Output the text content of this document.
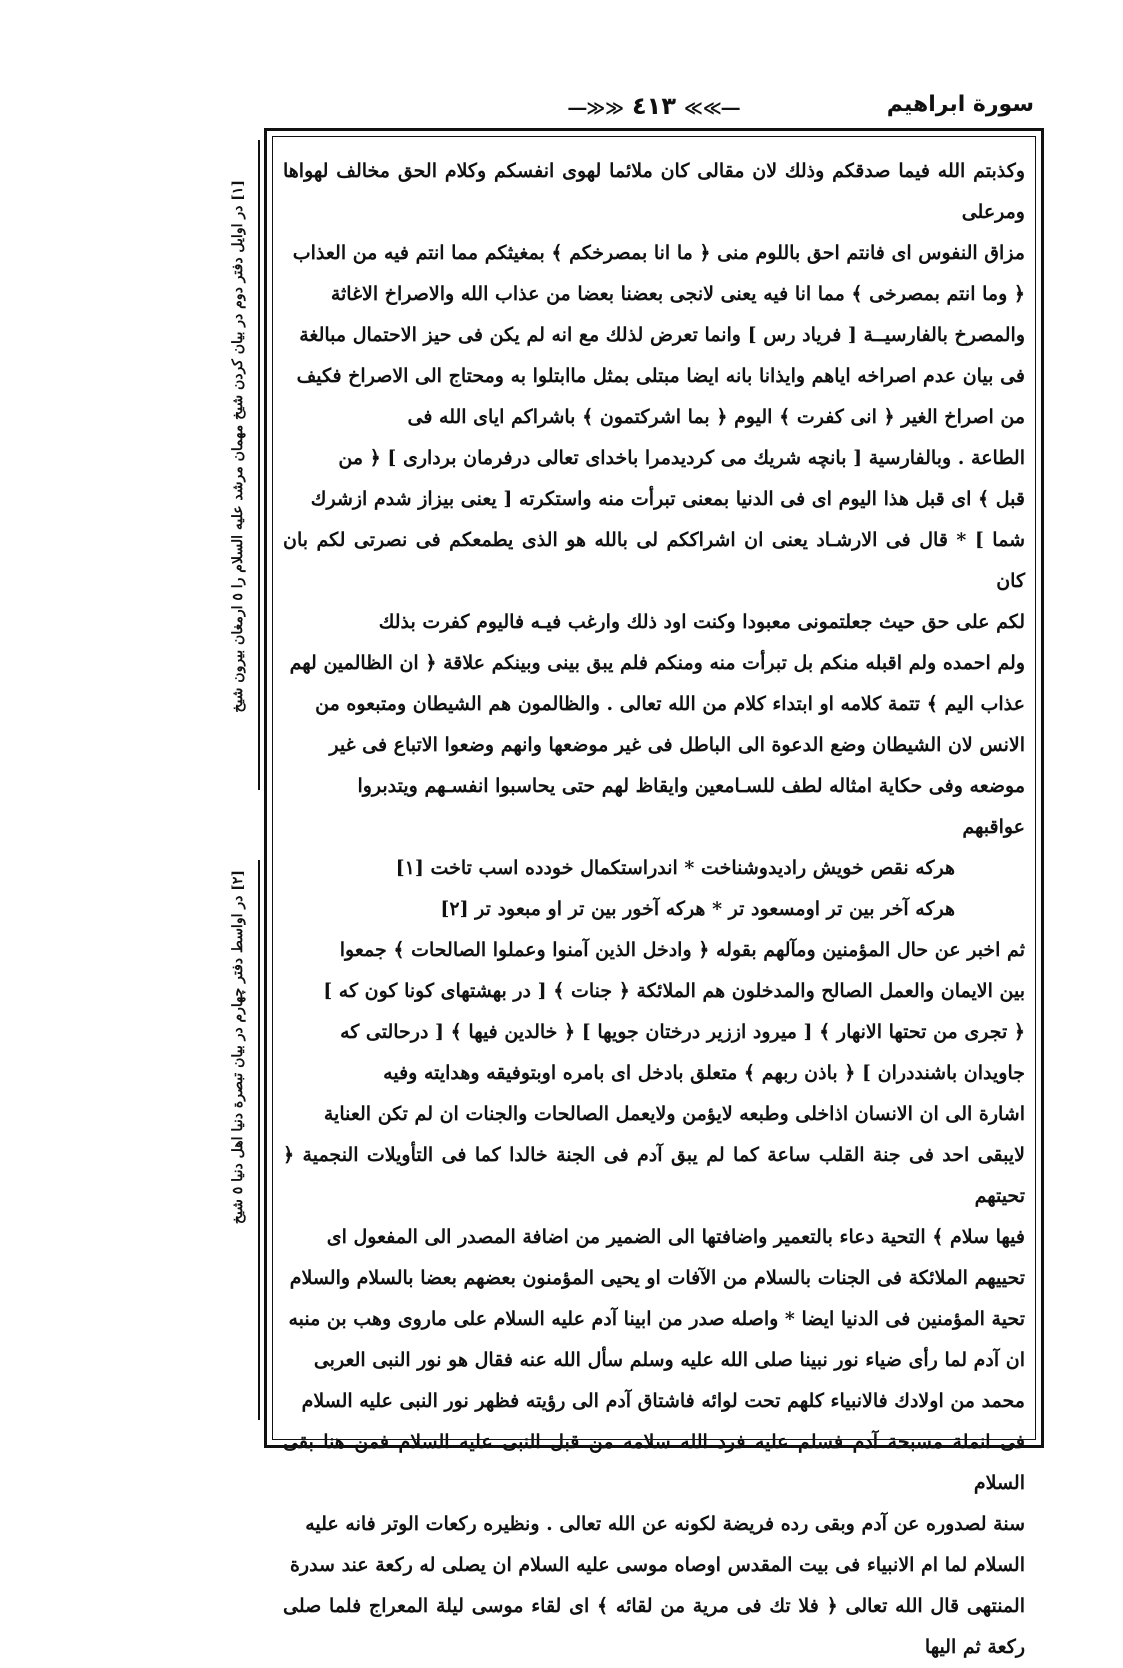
سورة ابراهيم
―≫≫ ٤١٣ ≪≪―
[١] در اوايل دفتر دوم در بيان كردن شيخ مهمان مرشد عليه السلام را ٥ ارمغان بيرون شيخ
[٢] در اواسط دفتر چهارم در بيان تبصرة دنيا اهل دنيا ٥ شيخ

وكذبتم الله فيما صدقكم وذلك لان مقالى كان ملائما لهوى انفسكم وكلام الحق مخالف لهواها ومرعلى

مزاق النفوس اى فانتم احق باللوم منى ﴿ ما انا بمصرخكم ﴾ بمغيثكم مما انتم فيه من العذاب

﴿ وما انتم بمصرخى ﴾ مما انا فيه يعنى لانجى بعضنا بعضا من عذاب الله والاصراخ الاغاثة

والمصرخ بالفارسيــة [ فرياد رس ] وانما تعرض لذلك مع انه لم يكن فى حيز الاحتمال مبالغة

فى بيان عدم اصراخه اياهم وايذانا بانه ايضا مبتلى بمثل ماابتلوا به ومحتاج الى الاصراخ فكيف

من اصراخ الغير ﴿ انى كفرت ﴾ اليوم ﴿ بما اشركتمون ﴾ باشراكم اياى الله فى

الطاعة . وبالفارسية [ بانچه شريك مى كرديدمرا باخداى تعالى درفرمان بردارى ] ﴿ من

قبل ﴾ اى قبل هذا اليوم اى فى الدنيا بمعنى تبرأت منه واستكرته [ يعنى بيزاز شدم ازشرك

شما ] * قال فى الارشـاد يعنى ان اشراككم لى بالله هو الذى يطمعكم فى نصرتى لكم بان كان

لكم على حق حيث جعلتمونى معبودا وكنت اود ذلك وارغب فيـه فاليوم كفرت بذلك

ولم احمده ولم اقبله منكم بل تبرأت منه ومنكم فلم يبق بينى وبينكم علاقة ﴿ ان الظالمين لهم

عذاب اليم ﴾ تتمة كلامه او ابتداء كلام من الله تعالى . والظالمون هم الشيطان ومتبعوه من

الانس لان الشيطان وضع الدعوة الى الباطل فى غير موضعها وانهم وضعوا الاتباع فى غير

موضعه وفى حكاية امثاله لطف للسـامعين وايقاظ لهم حتى يحاسبوا انفسـهم ويتدبروا

عواقبهم

هركه نقص خويش راديدوشناخت * اندراستكمال خودده اسب تاخت [١]
هركه آخر بين تر اومسعود تر * هركه آخور بين تر او مبعود تر [٢]

ثم اخبر عن حال المؤمنين ومآلهم بقوله ﴿ وادخل الذين آمنوا وعملوا الصالحات ﴾ جمعوا

بين الايمان والعمل الصالح والمدخلون هم الملائكة ﴿ جنات ﴾ [ در بهشتهاى كونا كون كه ]

﴿ تجرى من تحتها الانهار ﴾ [ ميرود اززير درختان جويها ] ﴿ خالدين فيها ﴾ [ درحالتى كه

جاويدان باشنددران ] ﴿ باذن ربهم ﴾ متعلق بادخل اى بامره اوبتوفيقه وهدايته وفيه

اشارة الى ان الانسان اذاخلى وطبعه لايؤمن ولايعمل الصالحات والجنات ان لم تكن العناية

لايبقى احد فى جنة القلب ساعة كما لم يبق آدم فى الجنة خالدا كما فى التأويلات النجمية ﴿ تحيتهم

فيها سلام ﴾ التحية دعاء بالتعمير واضافتها الى الضمير من اضافة المصدر الى المفعول اى

تحييهم الملائكة فى الجنات بالسلام من الآفات او يحيى المؤمنون بعضهم بعضا بالسلام والسلام

تحية المؤمنين فى الدنيا ايضا * واصله صدر من ابينا آدم عليه السلام على ماروى وهب بن منبه

ان آدم لما رأى ضياء نور نبينا صلى الله عليه وسلم سأل الله عنه فقال هو نور النبى العربى

محمد من اولادك فالانبياء كلهم تحت لوائه فاشتاق آدم الى رؤيته فظهر نور النبى عليه السلام

فى انملة مسبحة آدم فسلم عليه فرد الله سلامه من قبل النبى عليه السلام فمن هنا بقى السلام

سنة لصدوره عن آدم وبقى رده فريضة لكونه عن الله تعالى . ونظيره ركعات الوتر فانه عليه

السلام لما ام الانبياء فى بيت المقدس اوصاه موسى عليه السلام ان يصلى له ركعة عند سدرة

المنتهى قال الله تعالى ﴿ فلا تك فى مرية من لقائه ﴾ اى لقاء موسى ليلة المعراج فلما صلى ركعة ثم اليها
